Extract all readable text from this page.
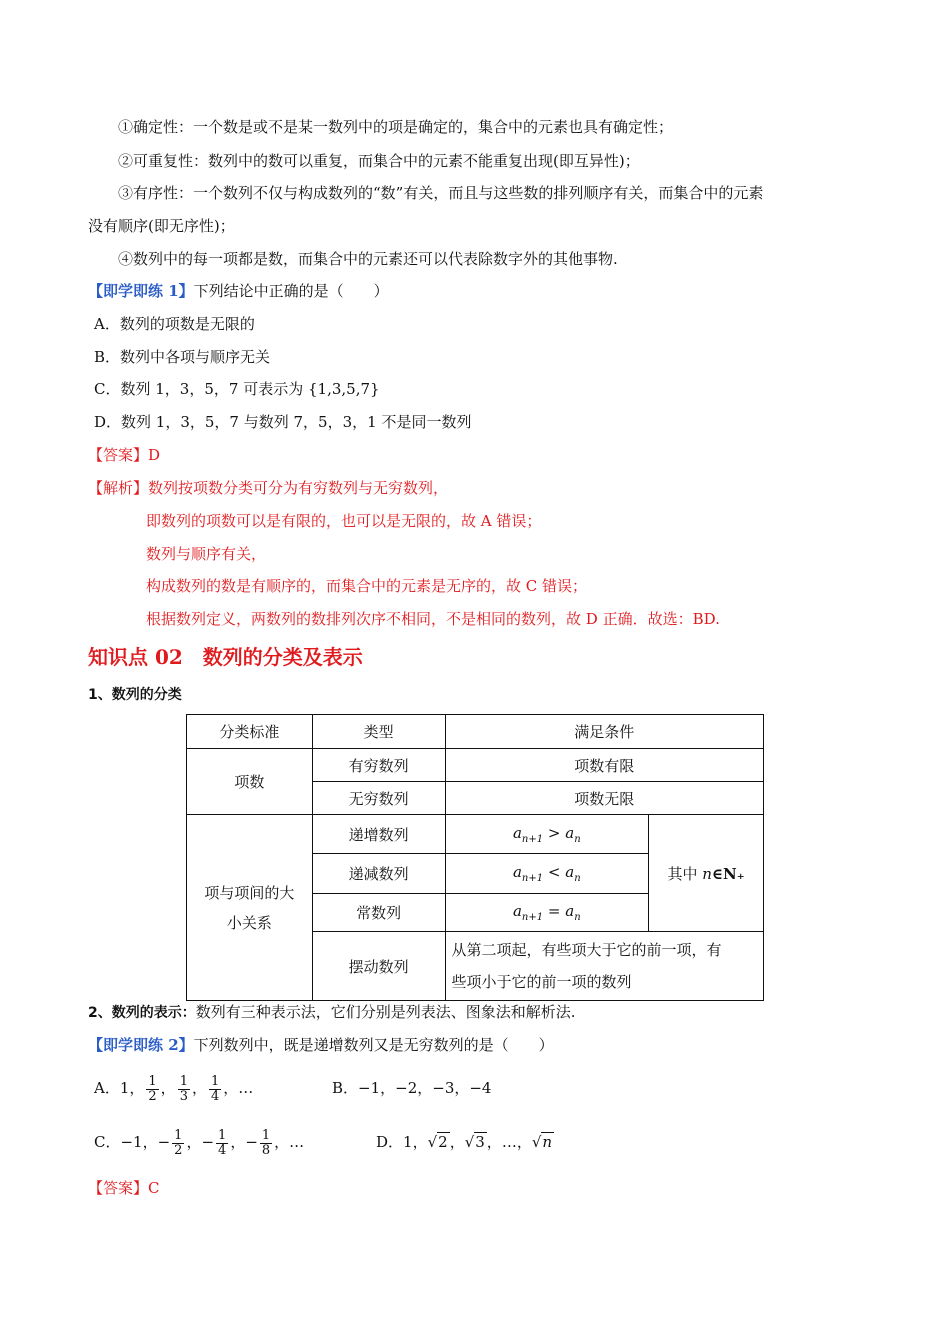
①确定性：一个数是或不是某一数列中的项是确定的，集合中的元素也具有确定性；
②可重复性：数列中的数可以重复，而集合中的元素不能重复出现(即互异性)；
③有序性：一个数列不仅与构成数列的“数”有关，而且与这些数的排列顺序有关，而集合中的元素
没有顺序(即无序性)；
④数列中的每一项都是数，而集合中的元素还可以代表除数字外的其他事物.
【即学即练 1】下列结论中正确的是（　　）
A．数列的项数是无限的
B．数列中各项与顺序无关
C．数列 1，3，5，7 可表示为 {1,3,5,7}
D．数列 1，3，5，7 与数列 7，5，3，1 不是同一数列
【答案】D
【解析】数列按项数分类可分为有穷数列与无穷数列，
即数列的项数可以是有限的，也可以是无限的，故 A 错误；
数列与顺序有关，
构成数列的数是有顺序的，而集合中的元素是无序的，故 C 错误；
根据数列定义，两数列的数排列次序不相同，不是相同的数列，故 D 正确．故选：BD.
知识点 02　数列的分类及表示
1、数列的分类
分类标准	类型	满足条件	
项数	有穷数列	项数有限	
	无穷数列	项数无限	

项与项间的大
小关系	递增数列	$a_{n+1} > a_n$	其中 n∈N₊
	递减数列	$a_{n+1} < a_n$
	常数列	$a_{n+1} = a_n$
	摆动数列	从第二项起，有些项大于它的前一项，有
些项小于它的前一项的数列	
2、数列的表示：数列有三种表示法，它们分别是列表法、图象法和解析法.
【即学即练 2】下列数列中，既是递增数列又是无穷数列的是（　　）
A．1， $\frac{1}{2}$ ， $\frac{1}{3}$ ， $\frac{1}{4}$ ，…	B．−1，−2，−3，−4
C．−1，− $\frac{1}{2}$ ，− $\frac{1}{4}$ ，− $\frac{1}{8}$ ，…	D．1，√2 ，√3 ，…，√n
【答案】C
